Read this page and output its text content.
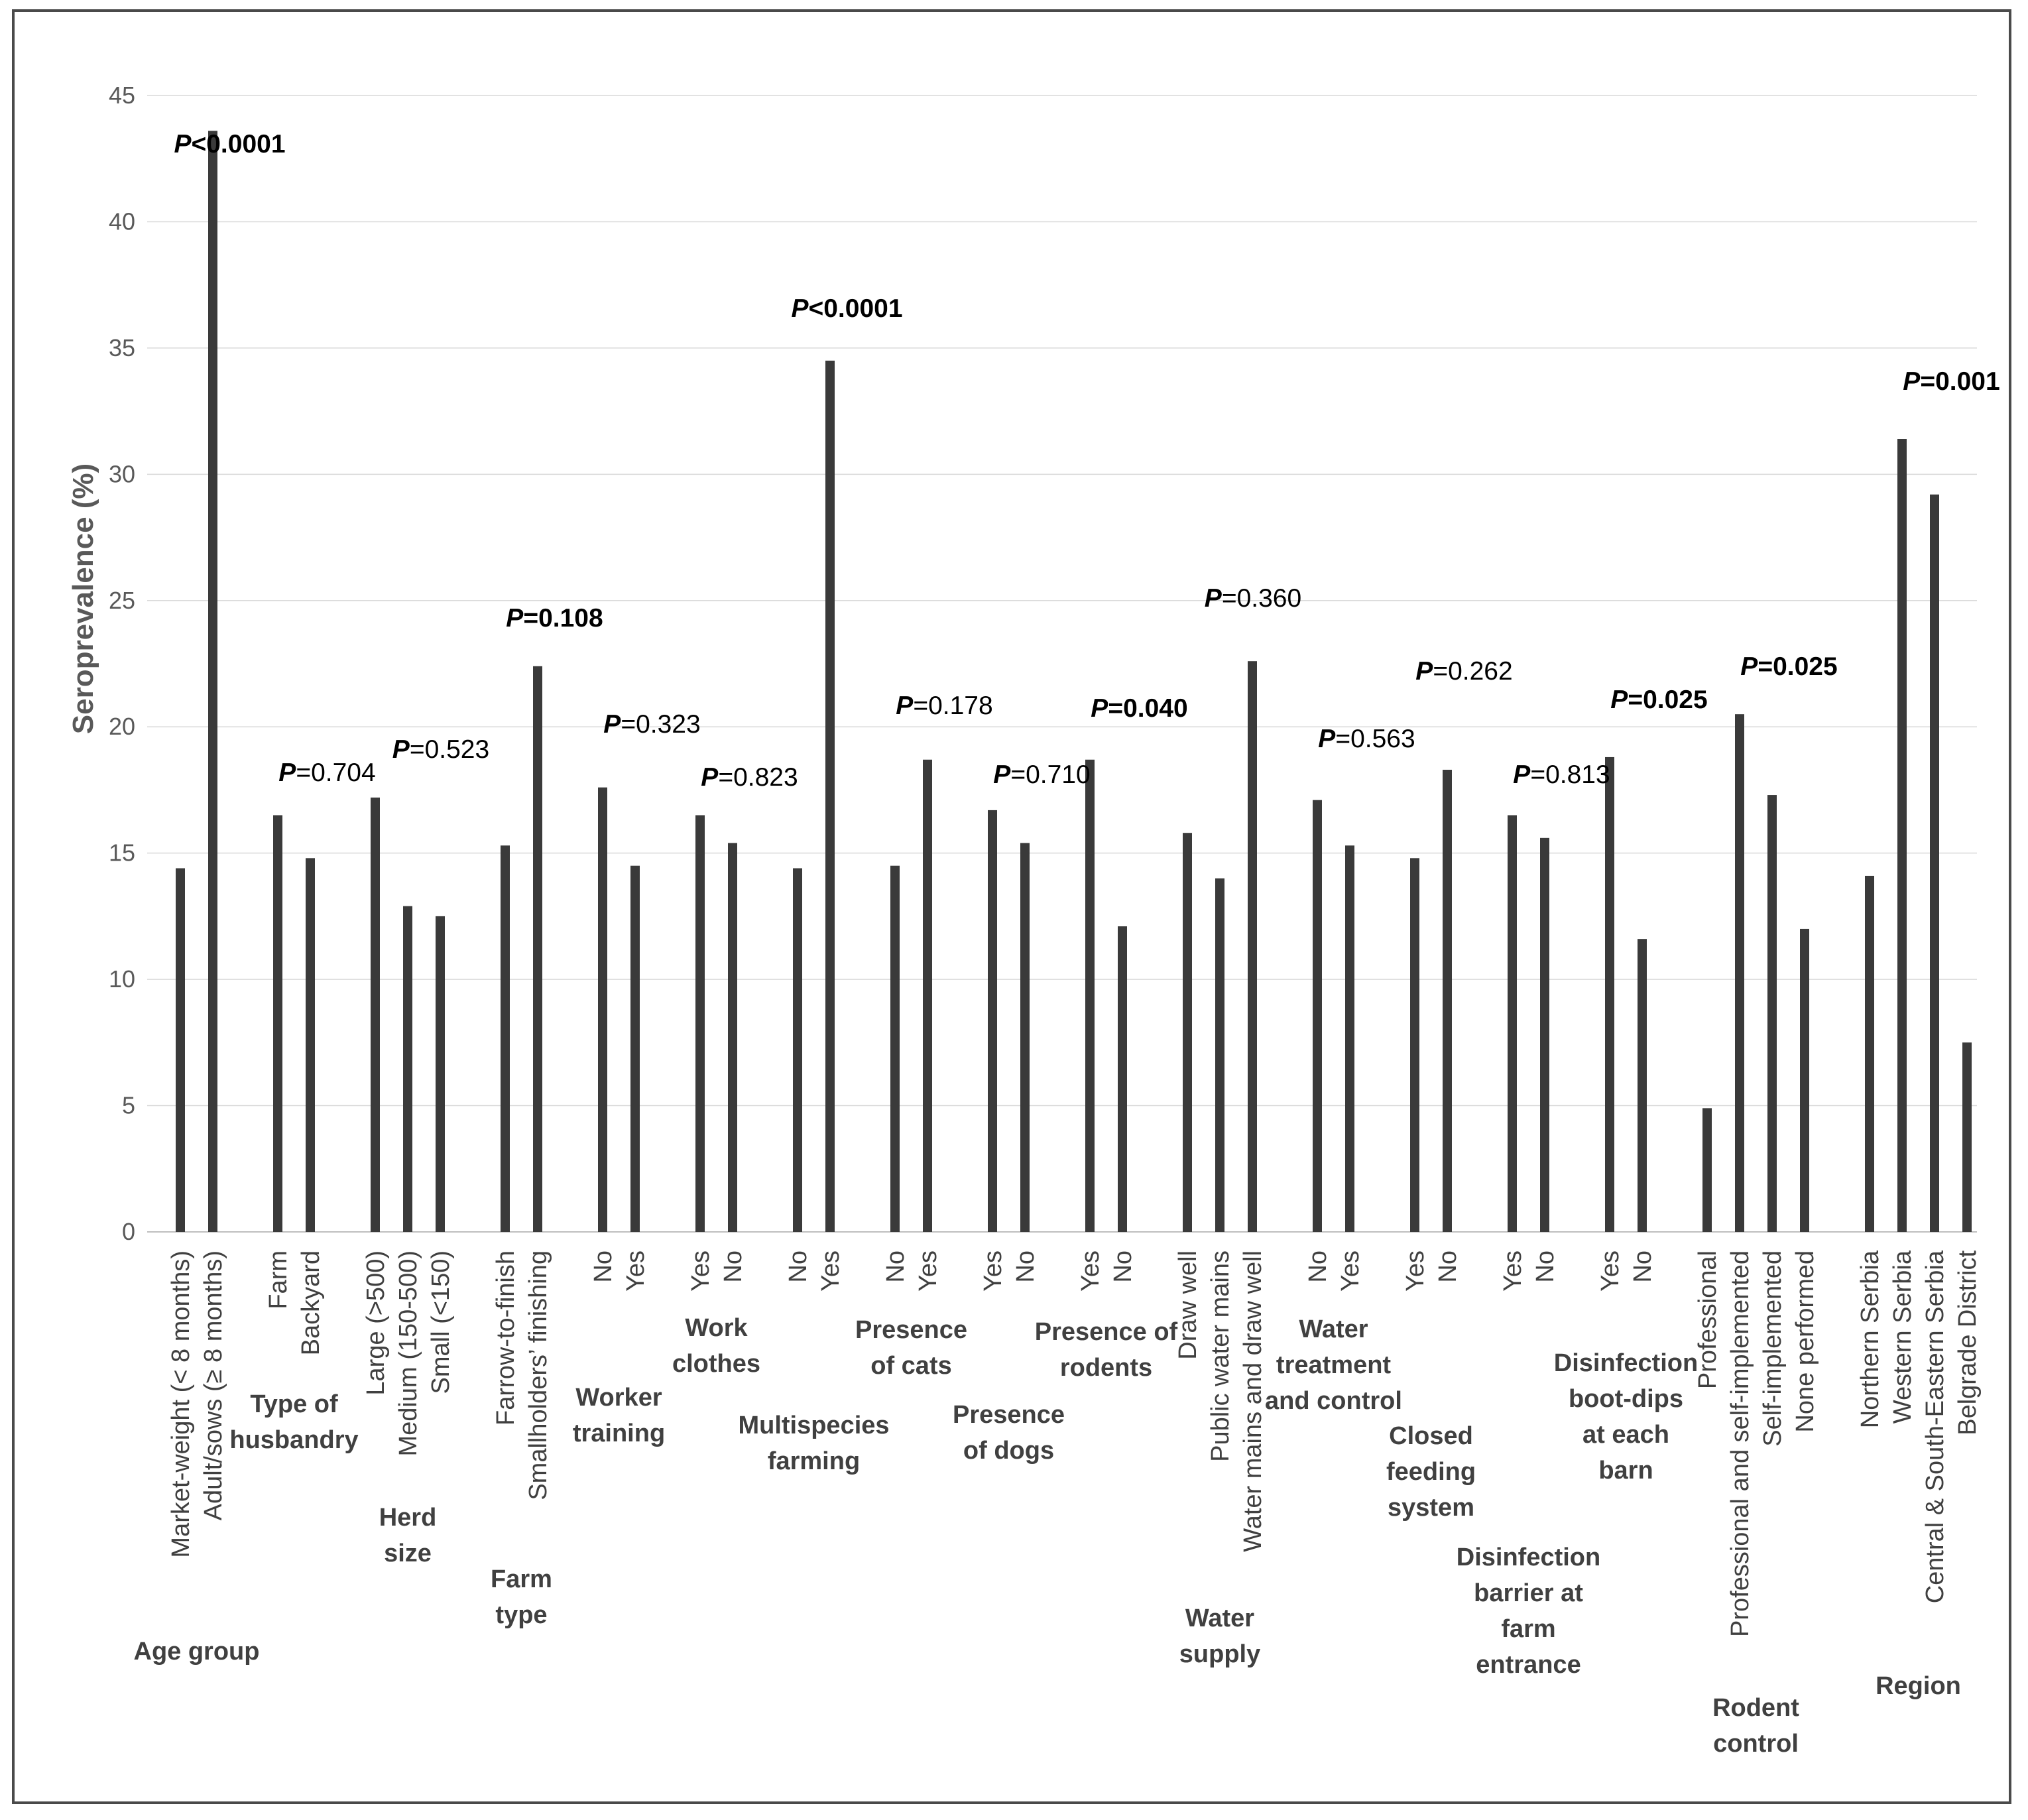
Seroprevalence (%)
0
5
10
15
20
25
30
35
40
45
Market-weight (< 8 months) Adult/sows (≥ 8 months)
Age group
P<0.0001
Farm Backyard
Type of husbandry
P=0.704
Large (>500) Medium (150-500) Small (<150)
Herd size
P=0.523
Farrow-to-finish Smallholders’ finishing
Farm type
P=0.108
No Yes
Worker training
P=0.323
Yes No
Work clothes
P=0.823
No Yes
Multispecies farming
P<0.0001
No Yes
Presence of cats
P=0.178
Yes No
Presence of dogs
P=0.710
Yes No
Presence of rodents
P=0.040
Draw well Public water mains Water mains and draw well
Water supply
P=0.360
No Yes
Water treatment and control
P=0.563
Yes No
Closed feeding system
P=0.262
Yes No
Disinfection barrier at farm entrance
P=0.813
Yes No
Disinfection boot-dips at each barn
P=0.025
Professional Professional and self-implemented Self-implemented None performed
Rodent control
P=0.025
Northern Serbia Western Serbia Central & South-Eastern Serbia Belgrade District
Region
P=0.001
